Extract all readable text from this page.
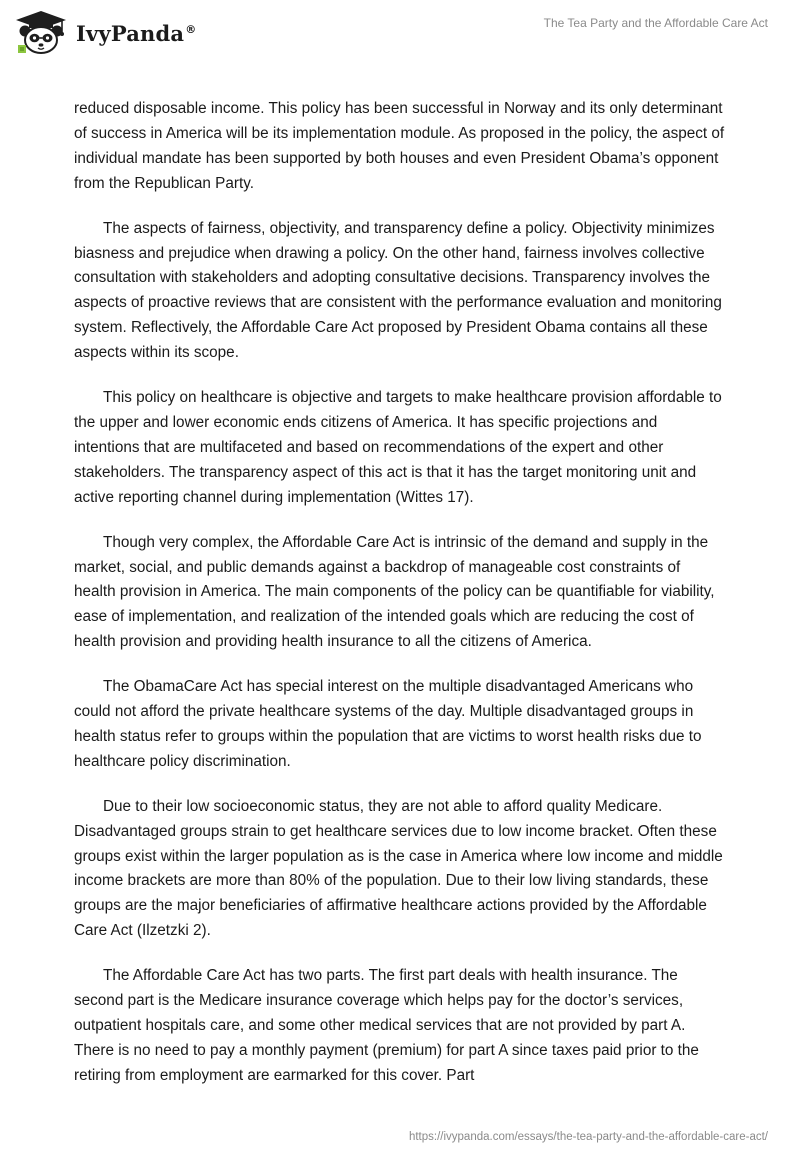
IvyPanda®	The Tea Party and the Affordable Care Act

reduced disposable income. This policy has been successful in Norway and its only determinant of success in America will be its implementation module. As proposed in the policy, the aspect of individual mandate has been supported by both houses and even President Obama’s opponent from the Republican Party.

The aspects of fairness, objectivity, and transparency define a policy. Objectivity minimizes biasness and prejudice when drawing a policy. On the other hand, fairness involves collective consultation with stakeholders and adopting consultative decisions. Transparency involves the aspects of proactive reviews that are consistent with the performance evaluation and monitoring system. Reflectively, the Affordable Care Act proposed by President Obama contains all these aspects within its scope.

This policy on healthcare is objective and targets to make healthcare provision affordable to the upper and lower economic ends citizens of America. It has specific projections and intentions that are multifaceted and based on recommendations of the expert and other stakeholders. The transparency aspect of this act is that it has the target monitoring unit and active reporting channel during implementation (Wittes 17).

Though very complex, the Affordable Care Act is intrinsic of the demand and supply in the market, social, and public demands against a backdrop of manageable cost constraints of health provision in America. The main components of the policy can be quantifiable for viability, ease of implementation, and realization of the intended goals which are reducing the cost of health provision and providing health insurance to all the citizens of America.

The ObamaCare Act has special interest on the multiple disadvantaged Americans who could not afford the private healthcare systems of the day. Multiple disadvantaged groups in health status refer to groups within the population that are victims to worst health risks due to healthcare policy discrimination.

Due to their low socioeconomic status, they are not able to afford quality Medicare. Disadvantaged groups strain to get healthcare services due to low income bracket. Often these groups exist within the larger population as is the case in America where low income and middle income brackets are more than 80% of the population. Due to their low living standards, these groups are the major beneficiaries of affirmative healthcare actions provided by the Affordable Care Act (Ilzetzki 2).

The Affordable Care Act has two parts. The first part deals with health insurance. The second part is the Medicare insurance coverage which helps pay for the doctor’s services, outpatient hospitals care, and some other medical services that are not provided by part A. There is no need to pay a monthly payment (premium) for part A since taxes paid prior to the retiring from employment are earmarked for this cover. Part

https://ivypanda.com/essays/the-tea-party-and-the-affordable-care-act/
